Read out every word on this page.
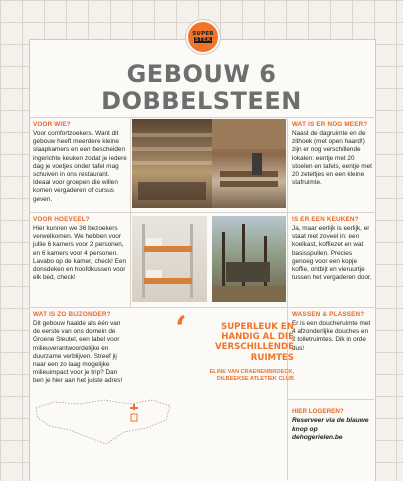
SUPER
STEK
GEBOUW 6
DOBBELSTEEN
VOOR WIE?

Voor comfortzoekers. Want dit gebouw heeft meerdere kleine slaapkamers en een bescheiden ingerichte keuken zodat je iedere dag je voetjes onder tafel mag schuiven in ons restaurant. Ideaal voor groepen die willen komen vergaderen of cursus geven.

WAT IS ER NOG MEER?

Naast de dagruimte en de zithoek (met open haard!) zijn er nog verschillende lokalen: eentje met 20 stoelen en tafels, eentje met 20 zeteltjes en een kleine stafruimte.

VOOR HOEVEEL?

Hier kunnen we 36 bezoekers verwelkomen. We hebben voor jullie 6 kamers voor 2 personen, en 6 kamers voor 4 personen. Lavabo op de kamer, check! Een donsdeken en hoofdkussen voor elk bed, check!

IS ER EEN KEUKEN?

Ja, maar eerlijk is eerlijk, er staat niet zoveel in: een koelkast, koffiezet en wat basisspullen. Precies genoeg voor een kopje koffie, ontbijt en vieruurtje tussen het vergaderen door.

WAT IS ZO BIJZONDER?

Dit gebouw haalde als één van de eerste van ons domein de Groene Sleutel, een label voor milieuverantwoordelijke en duurzame verblijven. Streef jij naar een zo laag mogelijke milieuimpact voor je trip? Dan ben je hier aan het juiste adres!

WASSEN & PLASSEN?

Er is een doucheruimte met 4 afzonderlijke douches en 2 toiletruimtes. Dik in orde dus!

‘	SUPERLEUK EN HANDIG AL DIE VERSCHILLENDE RUIMTES
ELINE VAN CRAENENBROECK,
DILBEEKSE ATLETIEK CLUB
HIER LOGEREN?

Reserveer via de blauwe knop op dehogerielen.be
